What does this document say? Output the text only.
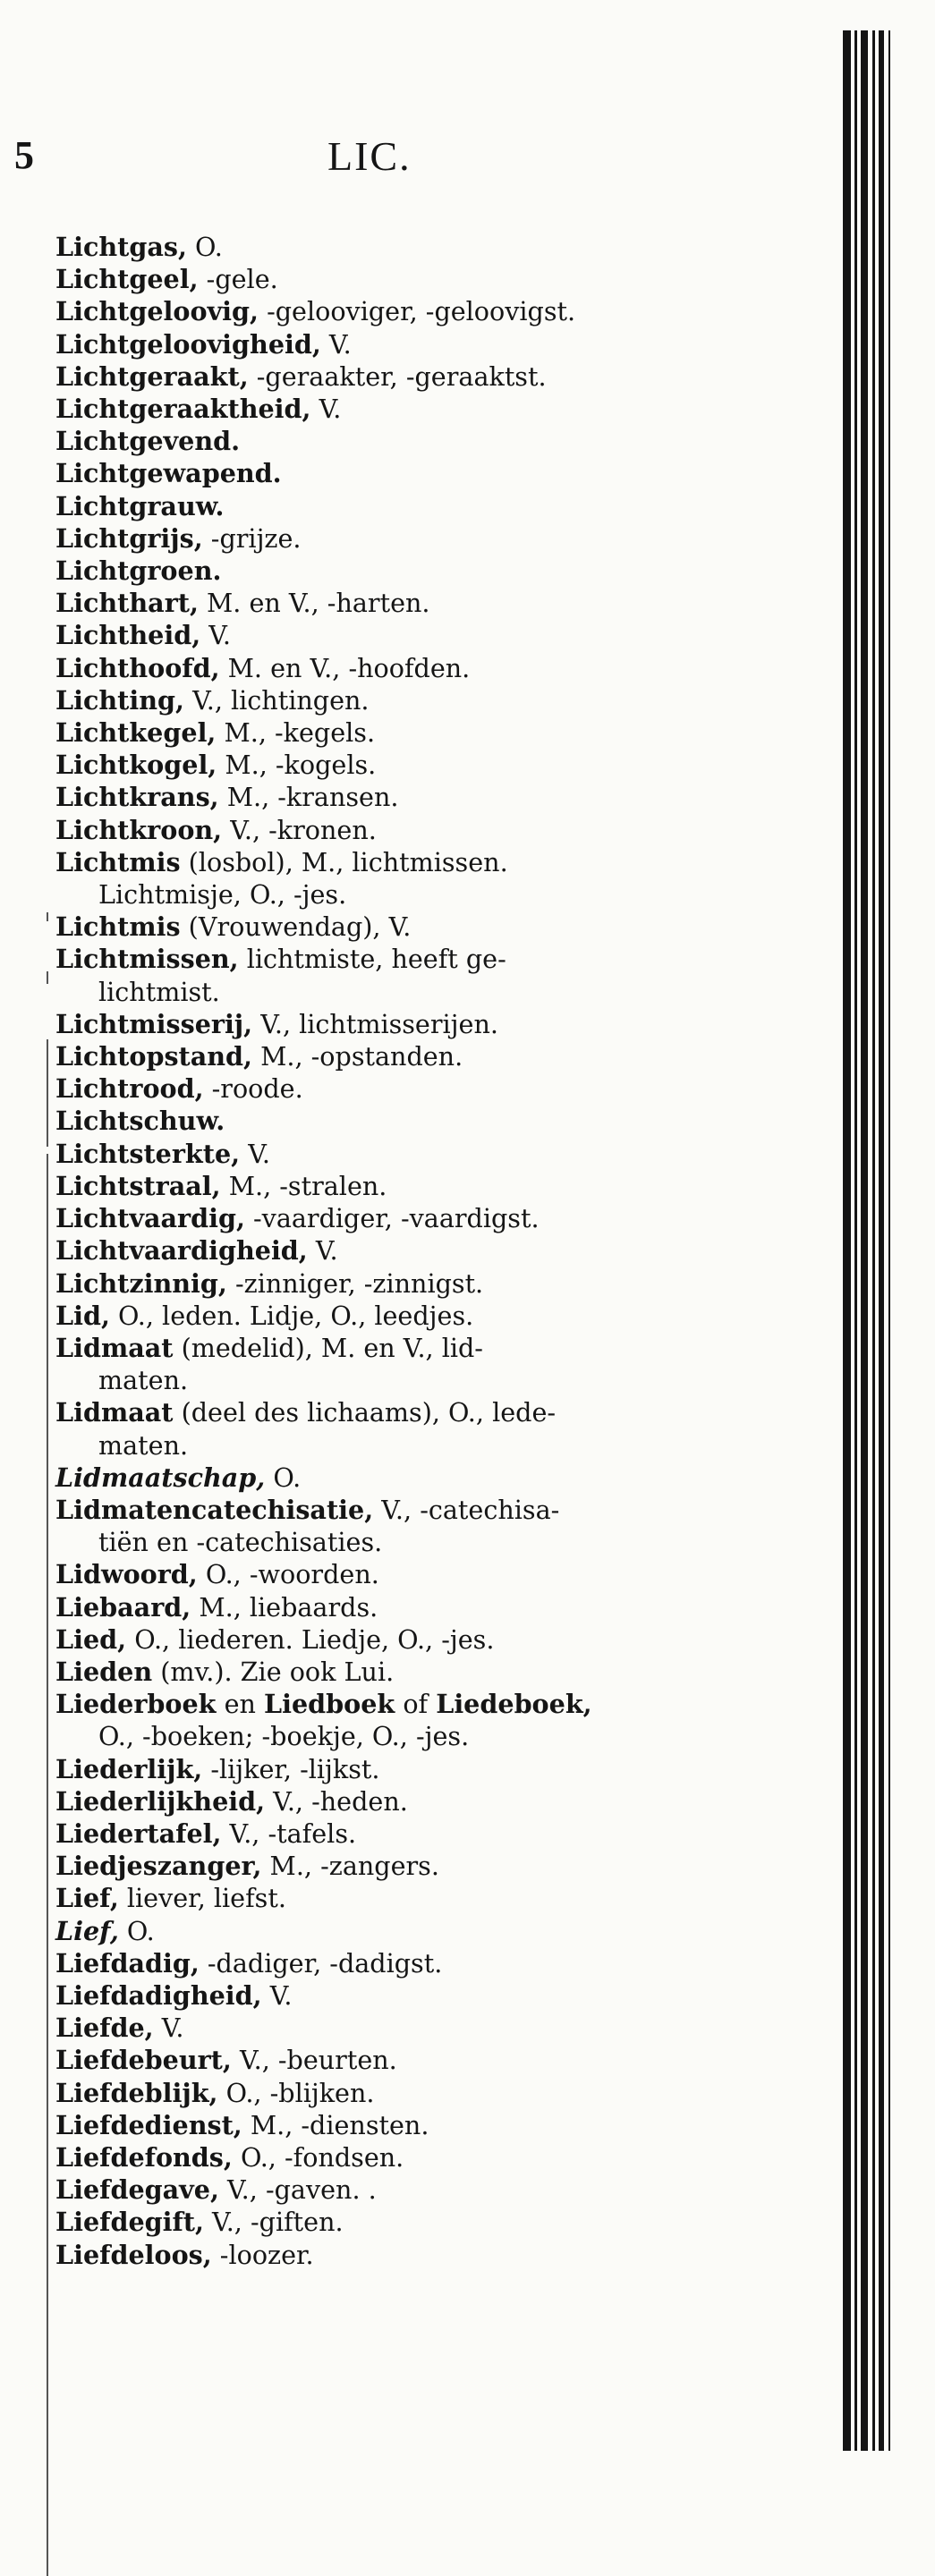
5	LIC.
Lichtgas, O.
Lichtgeel, -gele.
Lichtgeloovig, -gelooviger, -geloovigst.
Lichtgeloovigheid, V.
Lichtgeraakt, -geraakter, -geraaktst.
Lichtgeraaktheid, V.
Lichtgevend.
Lichtgewapend.
Lichtgrauw.
Lichtgrijs, -grijze.
Lichtgroen.
Lichthart, M. en V., -harten.
Lichtheid, V.
Lichthoofd, M. en V., -hoofden.
Lichting, V., lichtingen.
Lichtkegel, M., -kegels.
Lichtkogel, M., -kogels.
Lichtkrans, M., -kransen.
Lichtkroon, V., -kronen.
Lichtmis (losbol), M., lichtmissen.
Lichtmisje, O., -jes.
Lichtmis (Vrouwendag), V.
Lichtmissen, lichtmiste, heeft ge-
lichtmist.
Lichtmisserij, V., lichtmisserijen.
Lichtopstand, M., -opstanden.
Lichtrood, -roode.
Lichtschuw.
Lichtsterkte, V.
Lichtstraal, M., -stralen.
Lichtvaardig, -vaardiger, -vaardigst.
Lichtvaardigheid, V.
Lichtzinnig, -zinniger, -zinnigst.
Lid, O., leden. Lidje, O., leedjes.
Lidmaat (medelid), M. en V., lid-
maten.
Lidmaat (deel des lichaams), O., lede-
maten.
Lidmaatschap, O.
Lidmatencatechisatie, V., -catechisa-
tiën en -catechisaties.
Lidwoord, O., -woorden.
Liebaard, M., liebaards.
Lied, O., liederen. Liedje, O., -jes.
Lieden (mv.). Zie ook Lui.
Liederboek en Liedboek of Liedeboek,
O., -boeken; -boekje, O., -jes.
Liederlijk, -lijker, -lijkst.
Liederlijkheid, V., -heden.
Liedertafel, V., -tafels.
Liedjeszanger, M., -zangers.
Lief, liever, liefst.
Lief, O.
Liefdadig, -dadiger, -dadigst.
Liefdadigheid, V.
Liefde, V.
Liefdebeurt, V., -beurten.
Liefdeblijk, O., -blijken.
Liefdedienst, M., -diensten.
Liefdefonds, O., -fondsen.
Liefdegave, V., -gaven. .
Liefdegift, V., -giften.
Liefdeloos, -loozer.
